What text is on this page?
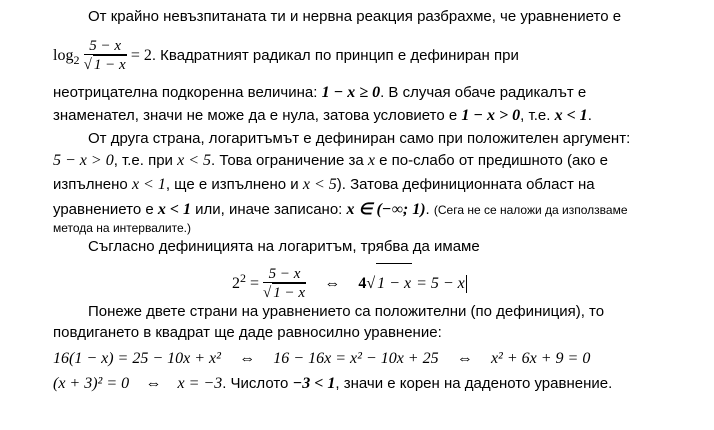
От крайно невъзпитаната ти и нервна реакция разбрахме, че уравнението е
$\log_2 \frac{5 - x}{√ 1 - x} = 2$. Квадратният радикал по принцип е дефиниран при
неотрицателна подкоренна величина: 1 − x ≥ 0. В случая обаче радикалът е
знаменател, значи не може да е нула, затова условието е 1 − x > 0, т.е. x < 1.
От друга страна, логаритъмът е дефиниран само при положителен аргумент:
5 − x > 0, т.е. при x < 5. Това ограничение за x е по-слабо от предишното (ако е
изпълнено x < 1, ще е изпълнено и x < 5). Затова дефиниционната област на
уравнението е x < 1 или, иначе записано: x ∈ (−∞; 1). (Сега не се наложи да използваме
метода на интервалите.)
Съгласно дефиницията на логаритъм, трябва да имаме
$2^2 = \frac{5 - x}{√ 1 - x}$ ⇔ 4√ 1 − x = 5 − x
Понеже двете страни на уравнението са положителни (по дефиниция), то
повдигането в квадрат ще даде равносилно уравнение:
16(1 − x) = 25 − 10x + x² ⇔ 16 − 16x = x² − 10x + 25 ⇔ x² + 6x + 9 = 0
(x + 3)² = 0 ⇔ x = −3. Числото −3 < 1, значи е корен на даденото уравнение.
